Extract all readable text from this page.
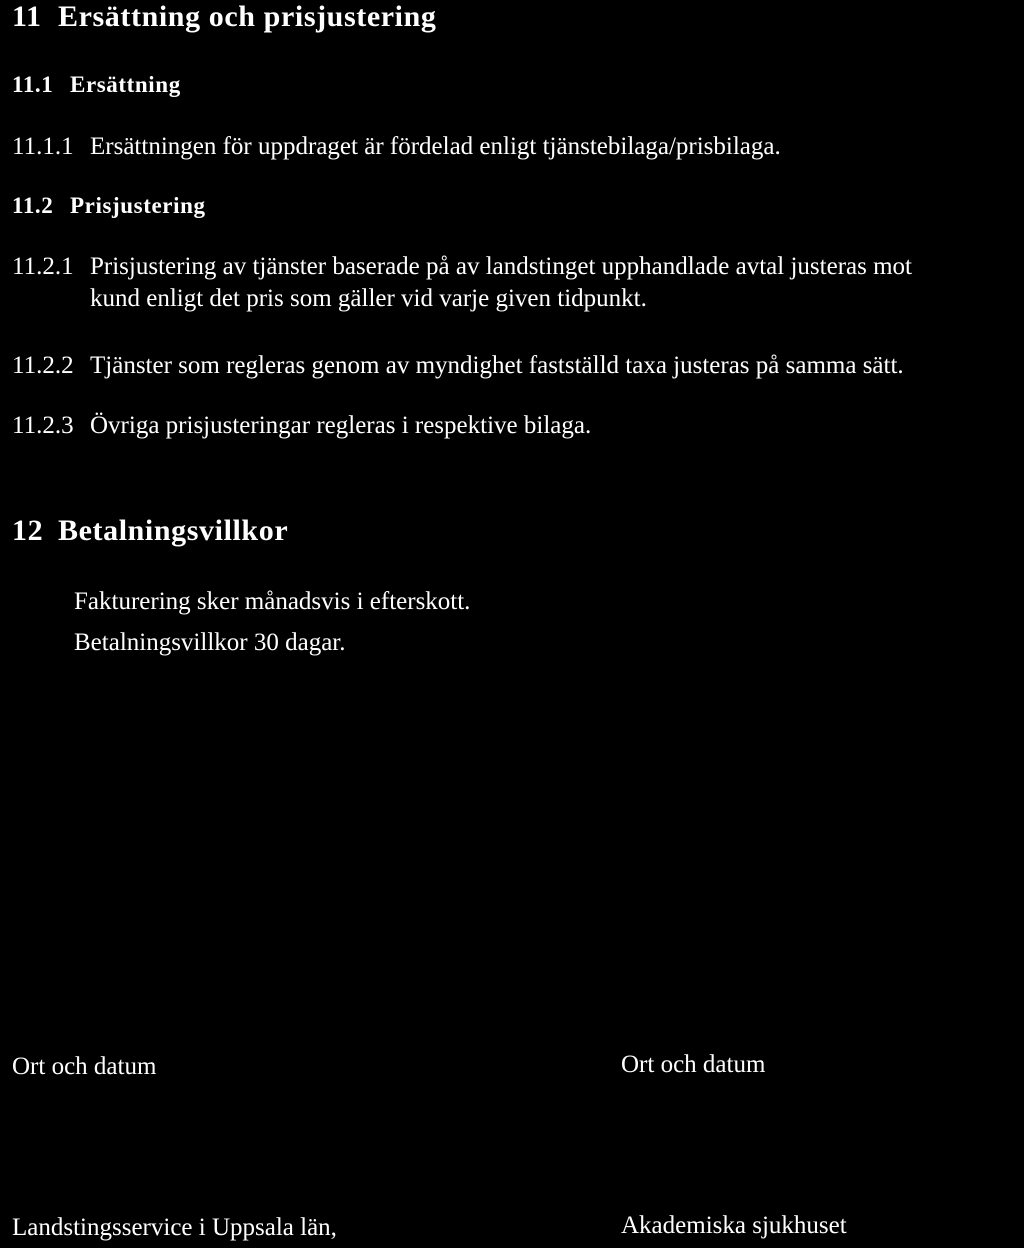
11 Ersättning och prisjustering
11.1 Ersättning
11.1.1 Ersättningen för uppdraget är fördelad enligt tjänstebilaga/prisbilaga.
11.2 Prisjustering
11.2.1 Prisjustering av tjänster baserade på av landstinget upphandlade avtal justeras mot
kund enligt det pris som gäller vid varje given tidpunkt.
11.2.2 Tjänster som regleras genom av myndighet fastställd taxa justeras på samma sätt.
11.2.3 Övriga prisjusteringar regleras i respektive bilaga.
12 Betalningsvillkor
Fakturering sker månadsvis i efterskott.
Betalningsvillkor 30 dagar.
Ort och datum	Ort och datum
Landstingsservice i Uppsala län,	Akademiska sjukhuset
